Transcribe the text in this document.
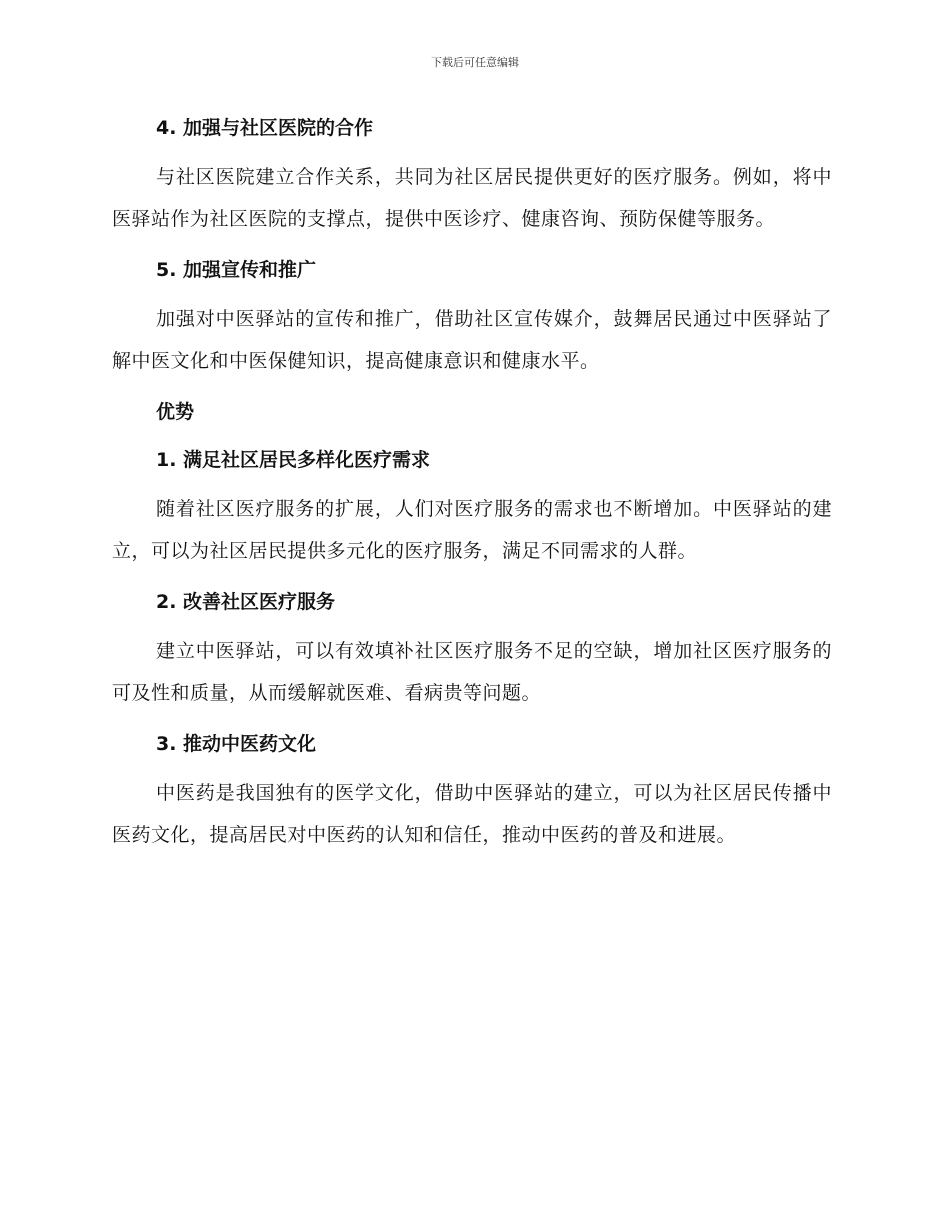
下载后可任意编辑
4. 加强与社区医院的合作
与社区医院建立合作关系，共同为社区居民提供更好的医疗服务。例如，将中医驿站作为社区医院的支撑点，提供中医诊疗、健康咨询、预防保健等服务。
5. 加强宣传和推广
加强对中医驿站的宣传和推广，借助社区宣传媒介，鼓舞居民通过中医驿站了解中医文化和中医保健知识，提高健康意识和健康水平。
优势
1. 满足社区居民多样化医疗需求
随着社区医疗服务的扩展，人们对医疗服务的需求也不断增加。中医驿站的建立，可以为社区居民提供多元化的医疗服务，满足不同需求的人群。
2. 改善社区医疗服务
建立中医驿站，可以有效填补社区医疗服务不足的空缺，增加社区医疗服务的可及性和质量，从而缓解就医难、看病贵等问题。
3. 推动中医药文化
中医药是我国独有的医学文化，借助中医驿站的建立，可以为社区居民传播中医药文化，提高居民对中医药的认知和信任，推动中医药的普及和进展。
